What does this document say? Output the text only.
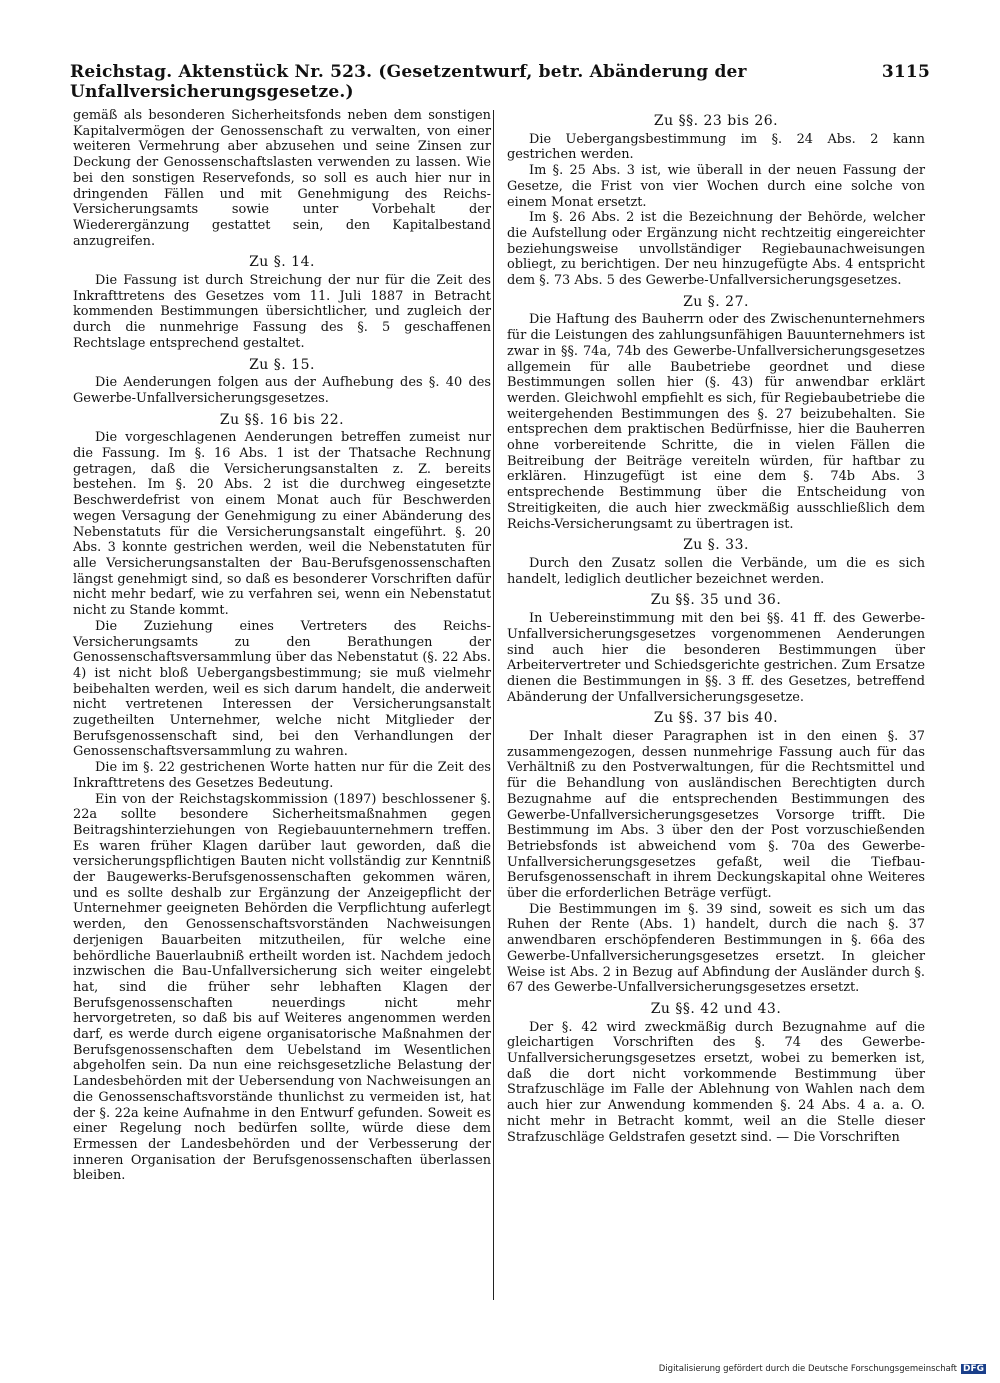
Reichstag. Aktenstück Nr. 523. (Gesetzentwurf, betr. Abänderung der Unfallversicherungsgesetze.)
3115

gemäß als besonderen Sicherheitsfonds neben dem sonstigen Kapitalvermögen der Genossenschaft zu verwalten, von einer weiteren Vermehrung aber abzusehen und seine Zinsen zur Deckung der Genossenschaftslasten verwenden zu lassen. Wie bei den sonstigen Reservefonds, so soll es auch hier nur in dringenden Fällen und mit Genehmigung des Reichs-Versicherungsamts sowie unter Vorbehalt der Wiederergänzung gestattet sein, den Kapitalbestand anzugreifen.

Zu §. 14.

Die Fassung ist durch Streichung der nur für die Zeit des Inkrafttretens des Gesetzes vom 11. Juli 1887 in Betracht kommenden Bestimmungen übersichtlicher, und zugleich der durch die nunmehrige Fassung des §. 5 geschaffenen Rechtslage entsprechend gestaltet.

Zu §. 15.

Die Aenderungen folgen aus der Aufhebung des §. 40 des Gewerbe-Unfallversicherungsgesetzes.

Zu §§. 16 bis 22.

Die vorgeschlagenen Aenderungen betreffen zumeist nur die Fassung. Im §. 16 Abs. 1 ist der Thatsache Rechnung getragen, daß die Versicherungsanstalten z. Z. bereits bestehen. Im §. 20 Abs. 2 ist die durchweg eingesetzte Beschwerdefrist von einem Monat auch für Beschwerden wegen Versagung der Genehmigung zu einer Abänderung des Nebenstatuts für die Versicherungsanstalt eingeführt. §. 20 Abs. 3 konnte gestrichen werden, weil die Nebenstatuten für alle Versicherungsanstalten der Bau-Berufsgenossenschaften längst genehmigt sind, so daß es besonderer Vorschriften dafür nicht mehr bedarf, wie zu verfahren sei, wenn ein Nebenstatut nicht zu Stande kommt.

Die Zuziehung eines Vertreters des Reichs-Versicherungsamts zu den Berathungen der Genossenschaftsversammlung über das Nebenstatut (§. 22 Abs. 4) ist nicht bloß Uebergangsbestimmung; sie muß vielmehr beibehalten werden, weil es sich darum handelt, die anderweit nicht vertretenen Interessen der Versicherungsanstalt zugetheilten Unternehmer, welche nicht Mitglieder der Berufsgenossenschaft sind, bei den Verhandlungen der Genossenschaftsversammlung zu wahren.

Die im §. 22 gestrichenen Worte hatten nur für die Zeit des Inkrafttretens des Gesetzes Bedeutung.

Ein von der Reichstagskommission (1897) beschlossener §. 22a sollte besondere Sicherheitsmaßnahmen gegen Beitragshinterziehungen von Regiebauunternehmern treffen. Es waren früher Klagen darüber laut geworden, daß die versicherungspflichtigen Bauten nicht vollständig zur Kenntniß der Baugewerks-Berufsgenossenschaften gekommen wären, und es sollte deshalb zur Ergänzung der Anzeigepflicht der Unternehmer geeigneten Behörden die Verpflichtung auferlegt werden, den Genossenschaftsvorständen Nachweisungen derjenigen Bauarbeiten mitzutheilen, für welche eine behördliche Bauerlaubniß ertheilt worden ist. Nachdem jedoch inzwischen die Bau-Unfallversicherung sich weiter eingelebt hat, sind die früher sehr lebhaften Klagen der Berufsgenossenschaften neuerdings nicht mehr hervorgetreten, so daß bis auf Weiteres angenommen werden darf, es werde durch eigene organisatorische Maßnahmen der Berufsgenossenschaften dem Uebelstand im Wesentlichen abgeholfen sein. Da nun eine reichsgesetzliche Belastung der Landesbehörden mit der Uebersendung von Nachweisungen an die Genossenschaftsvorstände thunlichst zu vermeiden ist, hat der §. 22a keine Aufnahme in den Entwurf gefunden. Soweit es einer Regelung noch bedürfen sollte, würde diese dem Ermessen der Landesbehörden und der Verbesserung der inneren Organisation der Berufsgenossenschaften überlassen bleiben.

Zu §§. 23 bis 26.

Die Uebergangsbestimmung im §. 24 Abs. 2 kann gestrichen werden.

Im §. 25 Abs. 3 ist, wie überall in der neuen Fassung der Gesetze, die Frist von vier Wochen durch eine solche von einem Monat ersetzt.

Im §. 26 Abs. 2 ist die Bezeichnung der Behörde, welcher die Aufstellung oder Ergänzung nicht rechtzeitig eingereichter beziehungsweise unvollständiger Regiebaunachweisungen obliegt, zu berichtigen. Der neu hinzugefügte Abs. 4 entspricht dem §. 73 Abs. 5 des Gewerbe-Unfallversicherungsgesetzes.

Zu §. 27.

Die Haftung des Bauherrn oder des Zwischenunternehmers für die Leistungen des zahlungsunfähigen Bauunternehmers ist zwar in §§. 74a, 74b des Gewerbe-Unfallversicherungsgesetzes allgemein für alle Baubetriebe geordnet und diese Bestimmungen sollen hier (§. 43) für anwendbar erklärt werden. Gleichwohl empfiehlt es sich, für Regiebaubetriebe die weitergehenden Bestimmungen des §. 27 beizubehalten. Sie entsprechen dem praktischen Bedürfnisse, hier die Bauherren ohne vorbereitende Schritte, die in vielen Fällen die Beitreibung der Beiträge vereiteln würden, für haftbar zu erklären. Hinzugefügt ist eine dem §. 74b Abs. 3 entsprechende Bestimmung über die Entscheidung von Streitigkeiten, die auch hier zweckmäßig ausschließlich dem Reichs-Versicherungsamt zu übertragen ist.

Zu §. 33.

Durch den Zusatz sollen die Verbände, um die es sich handelt, lediglich deutlicher bezeichnet werden.

Zu §§. 35 und 36.

In Uebereinstimmung mit den bei §§. 41 ff. des Gewerbe-Unfallversicherungsgesetzes vorgenommenen Aenderungen sind auch hier die besonderen Bestimmungen über Arbeitervertreter und Schiedsgerichte gestrichen. Zum Ersatze dienen die Bestimmungen in §§. 3 ff. des Gesetzes, betreffend Abänderung der Unfallversicherungsgesetze.

Zu §§. 37 bis 40.

Der Inhalt dieser Paragraphen ist in den einen §. 37 zusammengezogen, dessen nunmehrige Fassung auch für das Verhältniß zu den Postverwaltungen, für die Rechtsmittel und für die Behandlung von ausländischen Berechtigten durch Bezugnahme auf die entsprechenden Bestimmungen des Gewerbe-Unfallversicherungsgesetzes Vorsorge trifft. Die Bestimmung im Abs. 3 über den der Post vorzuschießenden Betriebsfonds ist abweichend vom §. 70a des Gewerbe-Unfallversicherungsgesetzes gefaßt, weil die Tiefbau-Berufsgenossenschaft in ihrem Deckungskapital ohne Weiteres über die erforderlichen Beträge verfügt.

Die Bestimmungen im §. 39 sind, soweit es sich um das Ruhen der Rente (Abs. 1) handelt, durch die nach §. 37 anwendbaren erschöpfenderen Bestimmungen in §. 66a des Gewerbe-Unfallversicherungsgesetzes ersetzt. In gleicher Weise ist Abs. 2 in Bezug auf Abfindung der Ausländer durch §. 67 des Gewerbe-Unfallversicherungsgesetzes ersetzt.

Zu §§. 42 und 43.

Der §. 42 wird zweckmäßig durch Bezugnahme auf die gleichartigen Vorschriften des §. 74 des Gewerbe-Unfallversicherungsgesetzes ersetzt, wobei zu bemerken ist, daß die dort nicht vorkommende Bestimmung über Strafzuschläge im Falle der Ablehnung von Wahlen nach dem auch hier zur Anwendung kommenden §. 24 Abs. 4 a. a. O. nicht mehr in Betracht kommt, weil an die Stelle dieser Strafzuschläge Geldstrafen gesetzt sind. — Die Vorschriften

Digitalisierung gefördert durch die Deutsche Forschungsgemeinschaft DFG
